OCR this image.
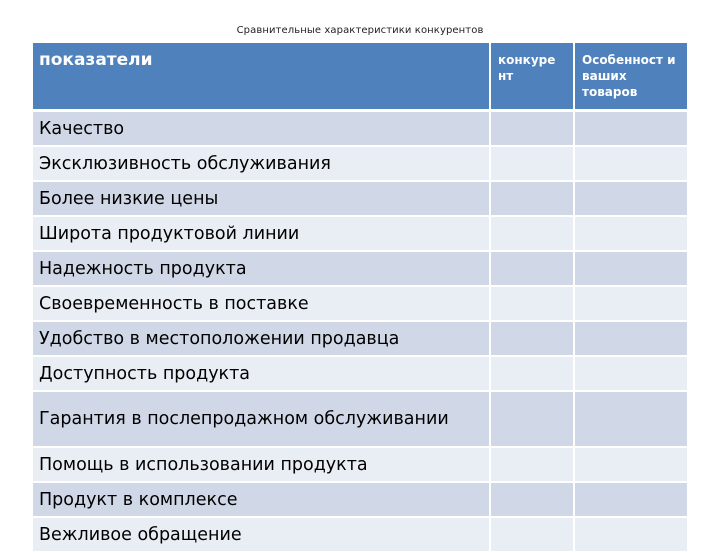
Сравнительные характеристики конкурентов
показатели	конкуре нт	Особенност и ваших товаров

Качество		
Эксклюзивность обслуживания		
Более низкие цены		
Широта продуктовой линии		
Надежность продукта		
Своевременность в поставке		
Удобство в местоположении продавца		
Доступность продукта		
Гарантия в послепродажном обслуживании		
Помощь в использовании продукта		
Продукт в комплексе		
Вежливое обращение		
